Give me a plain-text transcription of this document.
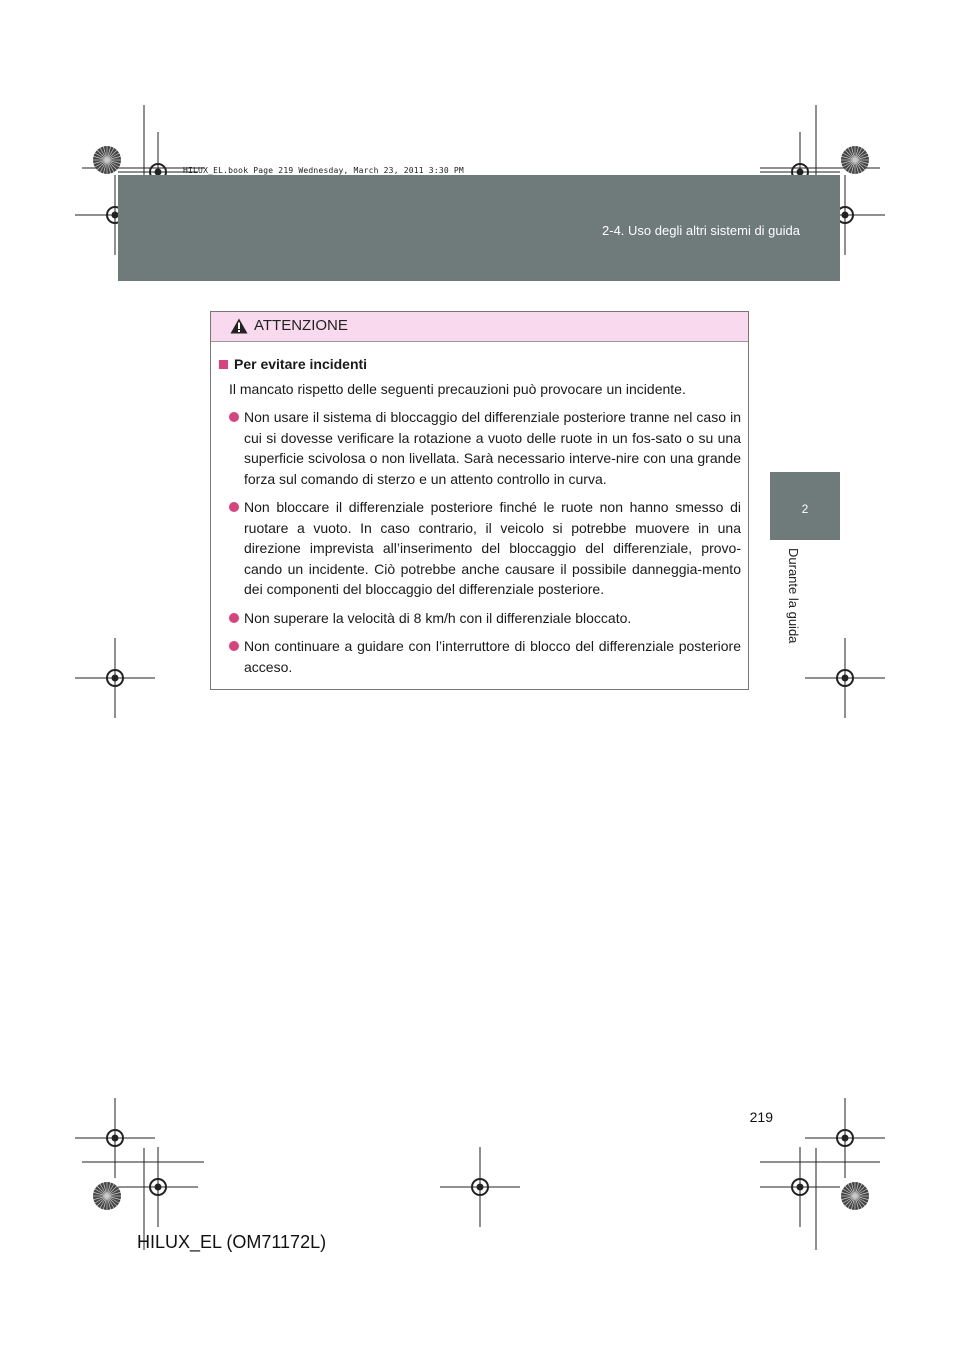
2-4. Uso degli altri sistemi di guida
HILUX_EL.book Page 219 Wednesday, March 23, 2011 3:30 PM
2
Durante la guida
ATTENZIONE
Per evitare incidenti
Il mancato rispetto delle seguenti precauzioni può provocare un incidente.
Non usare il sistema di bloccaggio del differenziale posteriore tranne nel caso in cui si dovesse verificare la rotazione a vuoto delle ruote in un fos-sato o su una superficie scivolosa o non livellata. Sarà necessario interve-nire con una grande forza sul comando di sterzo e un attento controllo in curva.
Non bloccare il differenziale posteriore finché le ruote non hanno smesso di ruotare a vuoto. In caso contrario, il veicolo si potrebbe muovere in una direzione imprevista all’inserimento del bloccaggio del differenziale, provo-cando un incidente. Ciò potrebbe anche causare il possibile danneggia-mento dei componenti del bloccaggio del differenziale posteriore.
Non superare la velocità di 8 km/h con il differenziale bloccato.
Non continuare a guidare con l’interruttore di blocco del differenziale posteriore acceso.
219
HILUX_EL (OM71172L)
